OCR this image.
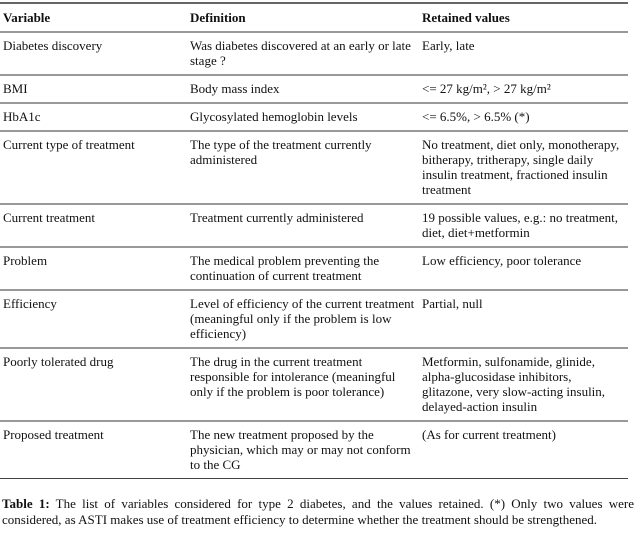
Variable	Definition	Retained values
Diabetes discovery	Was diabetes discovered at an early or late stage ?	Early, late
BMI	Body mass index	<= 27 kg/m², > 27 kg/m²
HbA1c	Glycosylated hemoglobin levels	<= 6.5%, > 6.5% (*)
Current type of treatment	The type of the treatment currently administered	No treatment, diet only, monotherapy, bitherapy, tritherapy, single daily insulin treatment, fractioned insulin treatment
Current treatment	Treatment currently administered	19 possible values, e.g.: no treatment, diet, diet+metformin
Problem	The medical problem preventing the continuation of current treatment	Low efficiency, poor tolerance
Efficiency	Level of efficiency of the current treatment (meaningful only if the problem is low efficiency)	Partial, null
Poorly tolerated drug	The drug in the current treatment responsible for intolerance (meaningful only if the problem is poor tolerance)	Metformin, sulfonamide, glinide, alpha-glucosidase inhibitors, glitazone, very slow-acting insulin, delayed-action insulin
Proposed treatment	The new treatment proposed by the physician, which may or may not conform to the CG	(As for current treatment)
Table 1: The list of variables considered for type 2 diabetes, and the values retained. (*) Only two values were considered, as ASTI makes use of treatment efficiency to determine whether the treatment should be strengthened.
